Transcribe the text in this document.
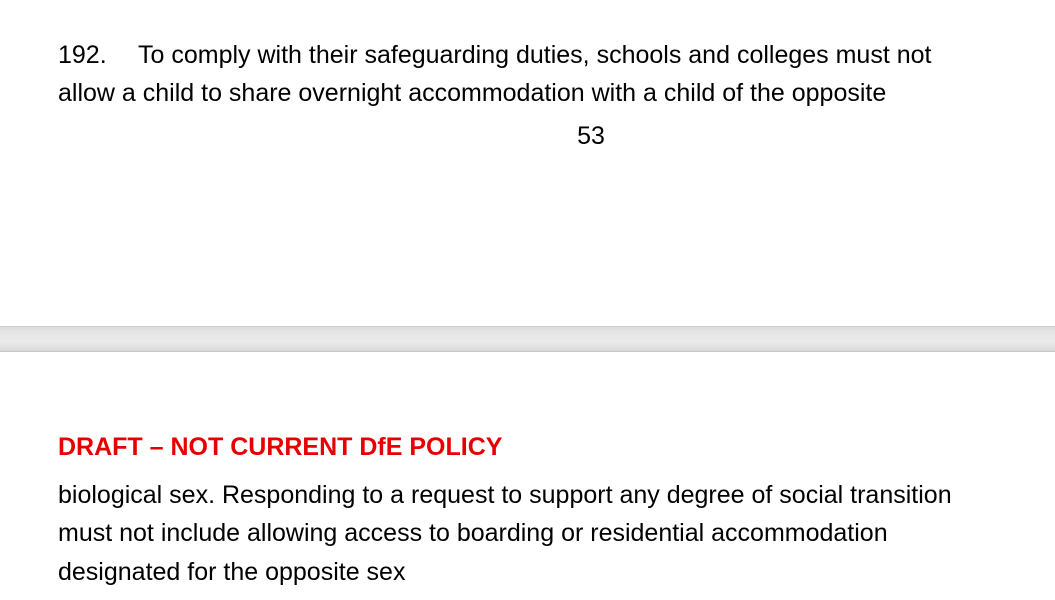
192. To comply with their safeguarding duties, schools and colleges must not
allow a child to share overnight accommodation with a child of the opposite
53
DRAFT – NOT CURRENT DfE POLICY
biological sex. Responding to a request to support any degree of social transition
must not include allowing access to boarding or residential accommodation
designated for the opposite sex
